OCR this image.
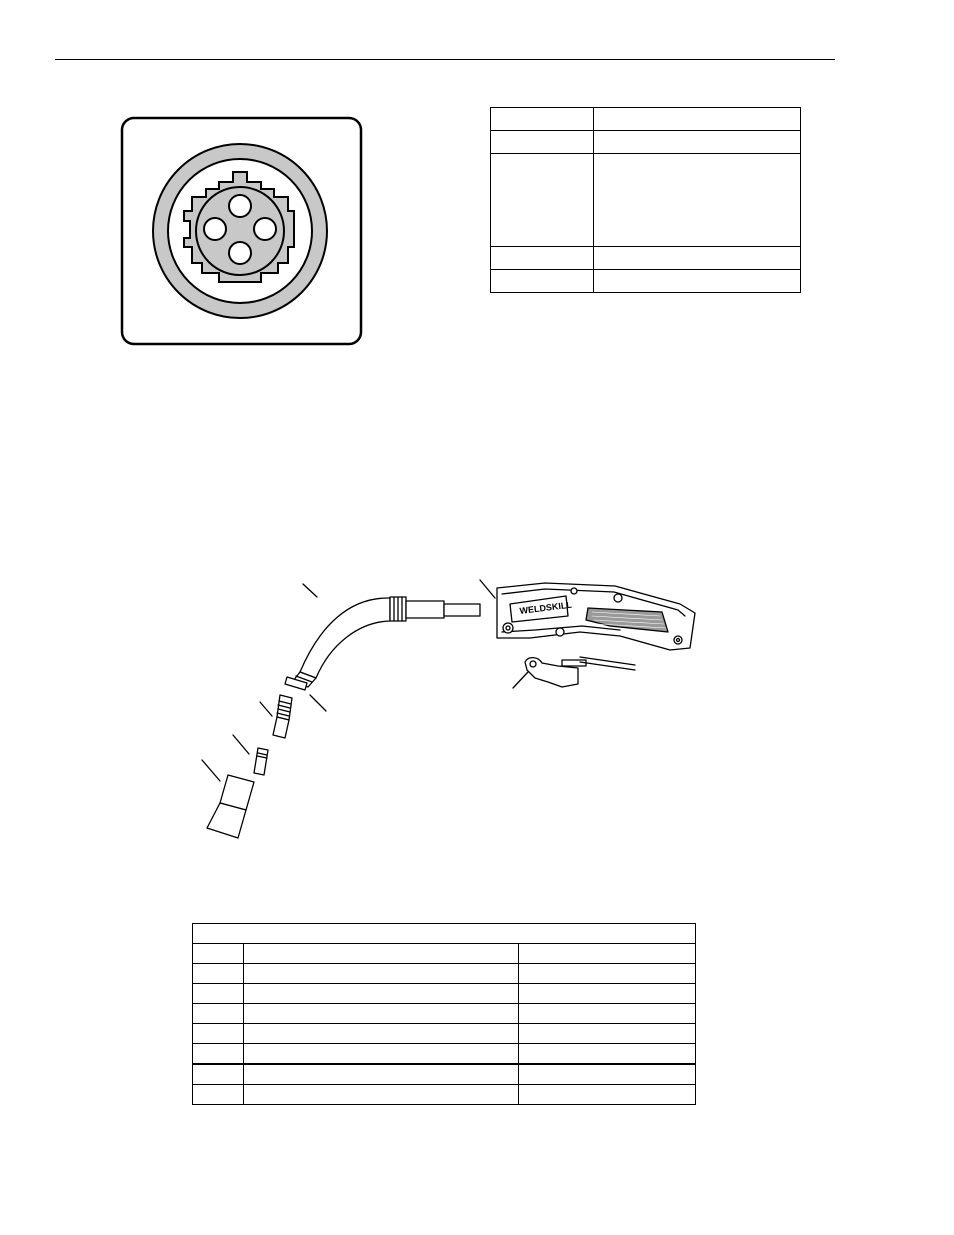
WELDSKILL
